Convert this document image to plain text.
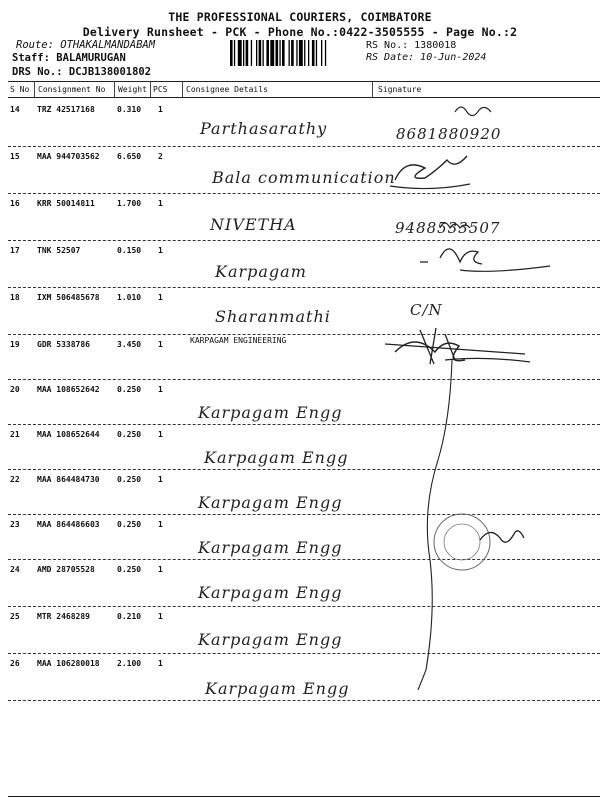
THE PROFESSIONAL COURIERS, COIMBATORE
Delivery Runsheet - PCK - Phone No.:0422-3505555 - Page No.:2
Route: OTHAKALMANDABAM
Staff: BALAMURUGAN
DRS No.: DCJB138001802
RS No.: 1380018
RS Date: 10-Jun-2024
S No Consignment No Weight PCS Consignee Details	Signature
14 TRZ 42517168	0.310 1
Parthasarathy	8681880920
15 MAA 944703562 6.650 2
Bala communication
16 KRR 50014811	1.700 1
NIVETHA	9488533507
17 TNK 52507	0.150 1
Karpagam
18 IXM 506485678 1.010 1
Sharanmathi	C/N
19 GDR 5338786	3.450 1	KARPAGAM ENGINEERING
20 MAA 108652642 0.250 1
Karpagam Engg
21 MAA 108652644 0.250 1
Karpagam Engg
22 MAA 864484730 0.250 1
Karpagam Engg
23 MAA 864486603 0.250 1
Karpagam Engg
24 AMD 28705528	0.250 1
Karpagam Engg
25 MTR 2468289	0.210 1
Karpagam Engg
26 MAA 106280018 2.100 1
Karpagam Engg
